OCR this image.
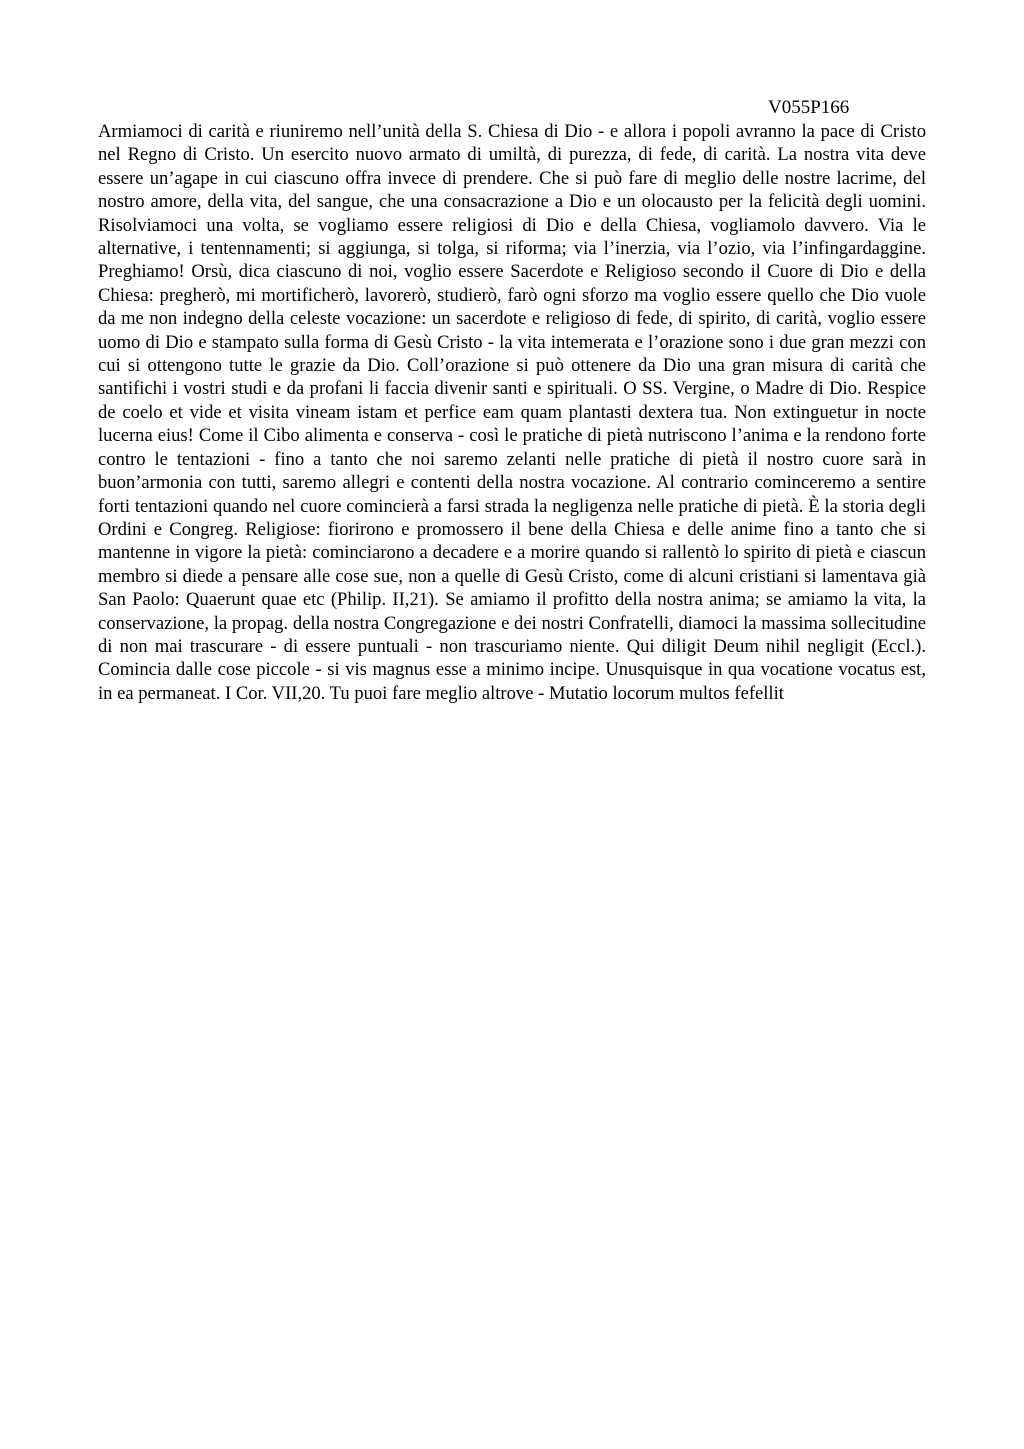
V055P166

Armiamoci di carità e riuniremo nell’unità della S. Chiesa di Dio - e allora i popoli avranno la pace di Cristo nel Regno di Cristo. Un esercito nuovo armato di umiltà, di purezza, di fede, di carità. La nostra vita deve essere un’agape in cui ciascuno offra invece di prendere. Che si può fare di meglio delle nostre lacrime, del nostro amore, della vita, del sangue, che una consacrazione a Dio e un olocausto per la felicità degli uomini. Risolviamoci una volta, se vogliamo essere religiosi di Dio e della Chiesa, vogliamolo davvero. Via le alternative, i tentennamenti; si aggiunga, si tolga, si riforma; via l’inerzia, via l’ozio, via l’infingardaggine. Preghiamo! Orsù, dica ciascuno di noi, voglio essere Sacerdote e Religioso secondo il Cuore di Dio e della Chiesa: pregherò, mi mortificherò, lavorerò, studierò, farò ogni sforzo ma voglio essere quello che Dio vuole da me non indegno della celeste vocazione: un sacerdote e religioso di fede, di spirito, di carità, voglio essere uomo di Dio e stampato sulla forma di Gesù Cristo - la vita intemerata e l’orazione sono i due gran mezzi con cui si ottengono tutte le grazie da Dio. Coll’orazione si può ottenere da Dio una gran misura di carità che santifichi i vostri studi e da profani li faccia divenir santi e spirituali. O SS. Vergine, o Madre di Dio. Respice de coelo et vide et visita vineam istam et perfice eam quam plantasti dextera tua. Non extinguetur in nocte lucerna eius! Come il Cibo alimenta e conserva - così le pratiche di pietà nutriscono l’anima e la rendono forte contro le tentazioni - fino a tanto che noi saremo zelanti nelle pratiche di pietà il nostro cuore sarà in buon’armonia con tutti, saremo allegri e contenti della nostra vocazione. Al contrario cominceremo a sentire forti tentazioni quando nel cuore comincierà a farsi strada la negligenza nelle pratiche di pietà. È la storia degli Ordini e Congreg. Religiose: fiorirono e promossero il bene della Chiesa e delle anime fino a tanto che si mantenne in vigore la pietà: cominciarono a decadere e a morire quando si rallentò lo spirito di pietà e ciascun membro si diede a pensare alle cose sue, non a quelle di Gesù Cristo, come di alcuni cristiani si lamentava già San Paolo: Quaerunt quae etc (Philip. II,21). Se amiamo il profitto della nostra anima; se amiamo la vita, la conservazione, la propag. della nostra Congregazione e dei nostri Confratelli, diamoci la massima sollecitudine di non mai trascurare - di essere puntuali - non trascuriamo niente. Qui diligit Deum nihil negligit (Eccl.). Comincia dalle cose piccole - si vis magnus esse a minimo incipe. Unusquisque in qua vocatione vocatus est, in ea permaneat. I Cor. VII,20. Tu puoi fare meglio altrove - Mutatio locorum multos fefellit
